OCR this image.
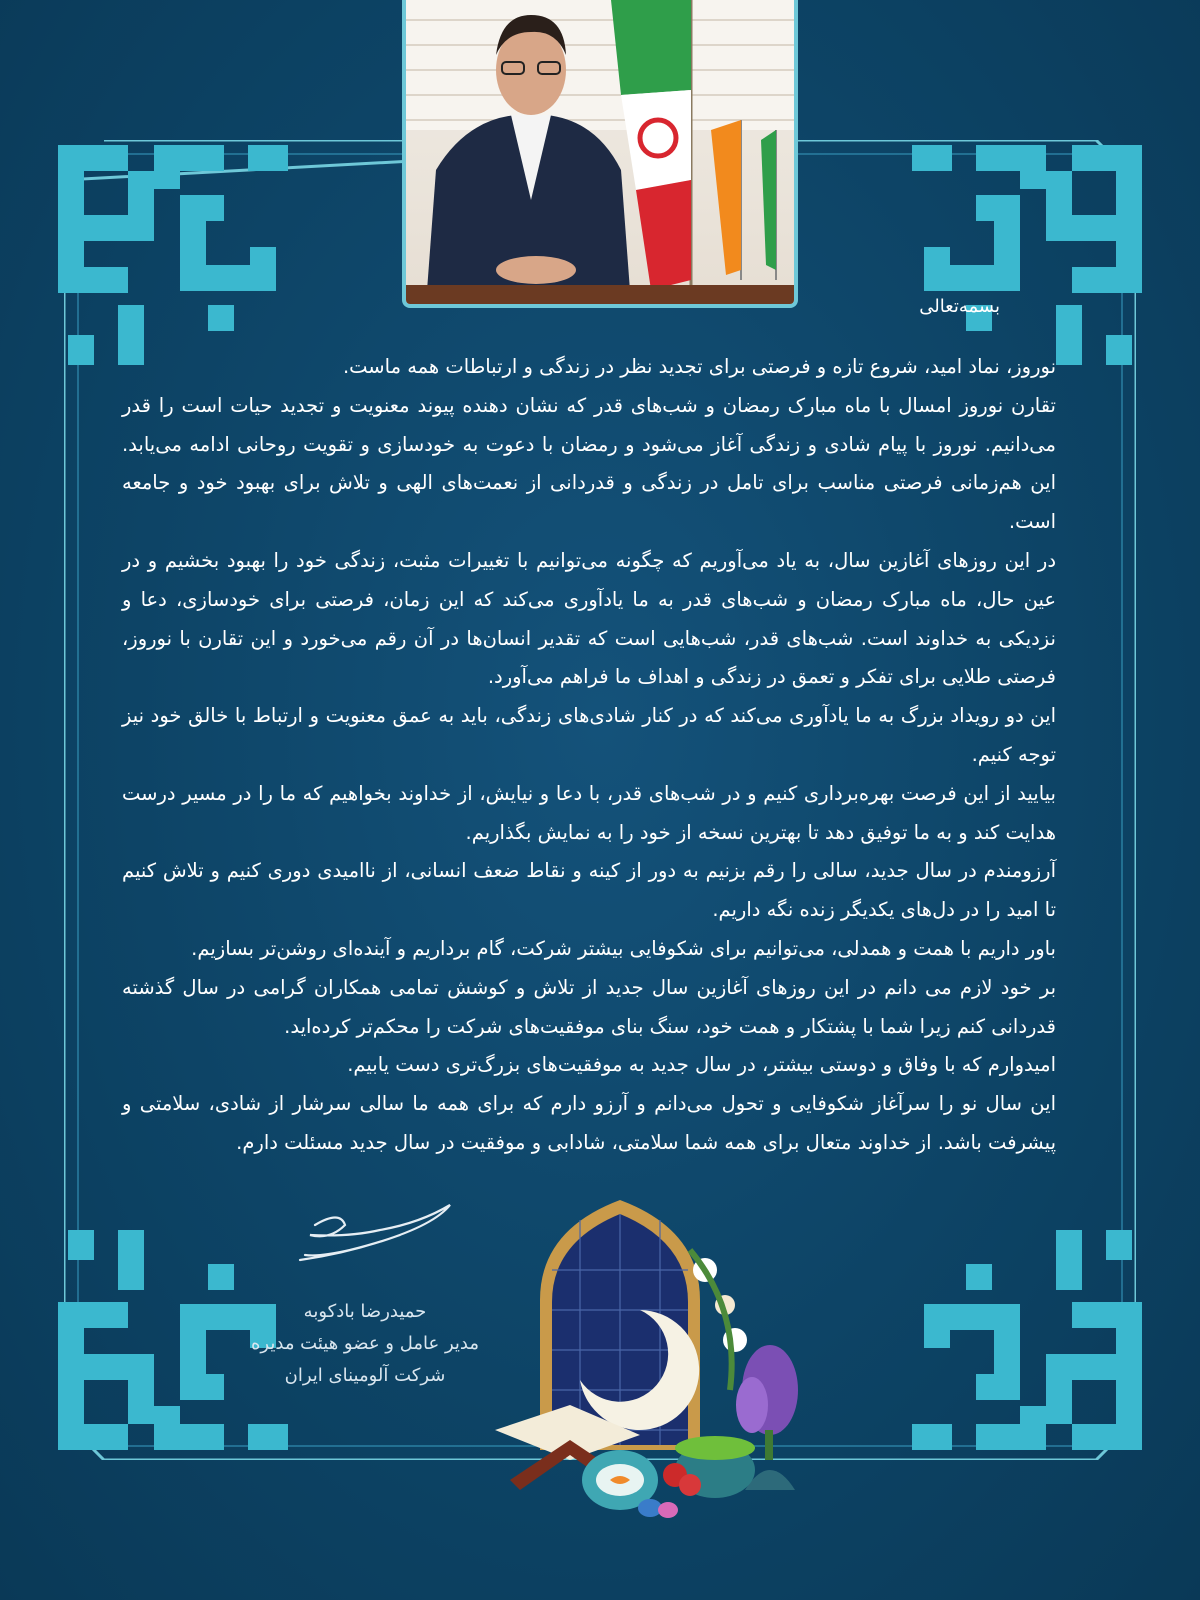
بسمه‌تعالی

نوروز، نماد امید، شروع تازه و فرصتی برای تجدید نظر در زندگی و ارتباطات همه ماست.

تقارن نوروز امسال با ماه مبارک رمضان و شب‌های قدر که نشان دهنده پیوند معنویت و تجدید حیات است را قدر می‌دانیم. نوروز با پیام شادی و زندگی آغاز می‌شود و رمضان با دعوت به خودسازی و تقویت روحانی ادامه می‌یابد. این هم‌زمانی فرصتی مناسب برای تامل در زندگی و قدردانی از نعمت‌های الهی و تلاش برای بهبود خود و جامعه است.

در این روزهای آغازین سال، به یاد می‌آوریم که چگونه می‌توانیم با تغییرات مثبت، زندگی خود را بهبود بخشیم و در عین حال، ماه مبارک رمضان و شب‌های قدر به ما یادآوری می‌کند که این زمان، فرصتی برای خودسازی، دعا و نزدیکی به خداوند است. شب‌های قدر، شب‌هایی است که تقدیر انسان‌ها در آن رقم می‌خورد و این تقارن با نوروز، فرصتی طلایی برای تفکر و تعمق در زندگی و اهداف ما فراهم می‌آورد.

این دو رویداد بزرگ به ما یادآوری می‌کند که در کنار شادی‌های زندگی، باید به عمق معنویت و ارتباط با خالق خود نیز توجه کنیم.

بیایید از این فرصت بهره‌برداری کنیم و در شب‌های قدر، با دعا و نیایش، از خداوند بخواهیم که ما را در مسیر درست هدایت کند و به ما توفیق دهد تا بهترین نسخه از خود را به نمایش بگذاریم.

آرزومندم در سال جدید، سالی را رقم بزنیم به دور از کینه و نقاط ضعف انسانی، از ناامیدی دوری کنیم و تلاش کنیم تا امید را در دل‌های یکدیگر زنده نگه داریم.

باور داریم با همت و همدلی، می‌توانیم برای شکوفایی بیشتر شرکت، گام برداریم و آینده‌ای روشن‌تر بسازیم.

بر خود لازم می دانم در این روزهای آغازین سال جدید از تلاش و کوشش تمامی همکاران گرامی در سال گذشته قدردانی کنم زیرا شما با پشتکار و همت خود، سنگ بنای موفقیت‌های شرکت را محکم‌تر کرده‌اید.

امیدوارم که با وفاق و دوستی بیشتر، در سال جدید به موفقیت‌های بزرگ‌تری دست یابیم.

این سال نو را سرآغاز شکوفایی و تحول می‌دانم و آرزو دارم که برای همه ما سالی سرشار از شادی، سلامتی و پیشرفت باشد. از خداوند متعال برای همه شما سلامتی، شادابی و موفقیت در سال جدید مسئلت دارم.

حمیدرضا بادکوبه
مدیر عامل و عضو هیئت مدیره
شرکت آلومینای ایران
